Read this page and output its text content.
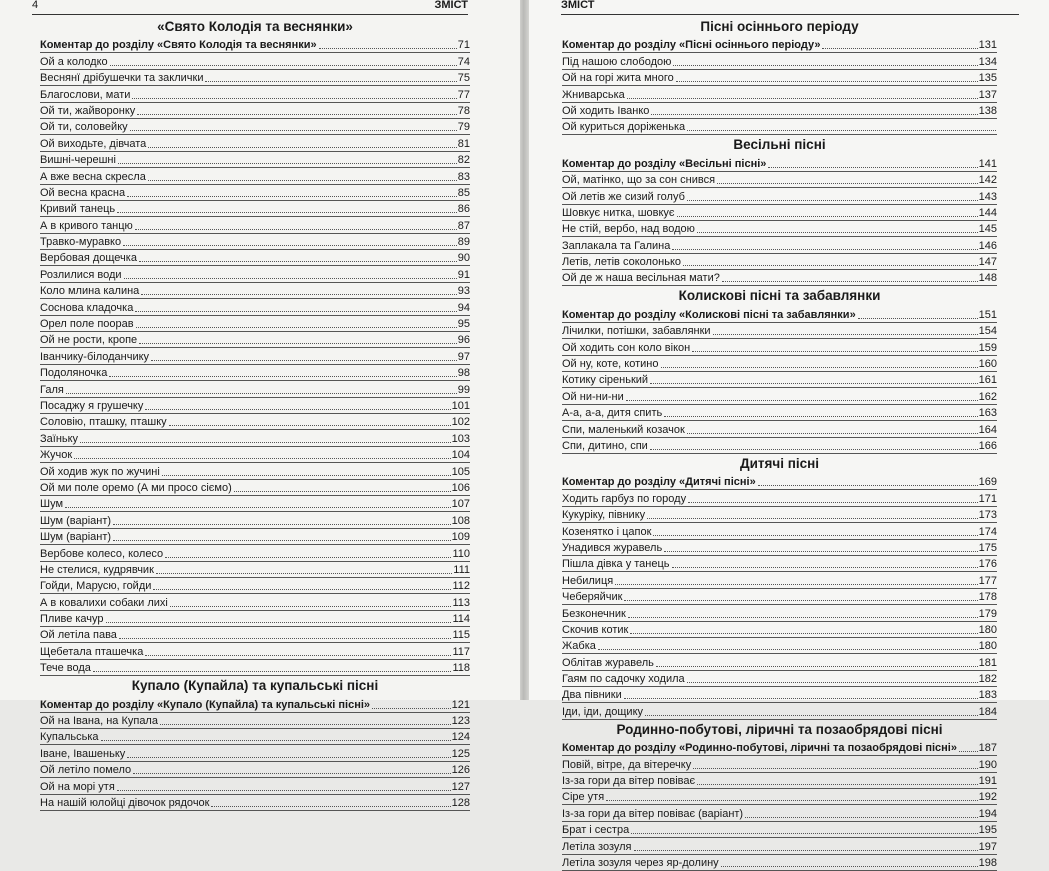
4	ЗМІСТ
«Свято Колодія та веснянки»
Коментар до розділу «Свято Колодія та веснянки»	71
Ой а колодко	74
Веснянї дрібушечки та заклички	75
Благослови, мати	77
Ой ти, жайворонку	78
Ой ти, соловейку	79
Ой виходьте, дівчата	81
Вишні-черешні	82
А вже весна скресла	83
Ой весна красна	85
Кривий танець	86
А в кривого танцю	87
Травко-муравко	89
Вербовая дощечка	90
Розлилися води	91
Коло млина калина	93
Соснова кладочка	94
Орел поле поорав	95
Ой не рости, кропе	96
Іванчику-білоданчику	97
Подоляночка	98
Галя	99
Посаджу я грушечку	101
Соловію, пташку, пташку	102
Заїньку	103
Жучок	104
Ой ходив жук по жучині	105
Ой ми поле оремо (А ми просо сіємо)	106
Шум	107
Шум (варіант)	108
Шум (варіант)	109
Вербове колесо, колесо	110
Не стелися, кудрявчик	111
Гойди, Марусю, гойди	112
А в ковалихи собаки лихі	113
Пливе качур	114
Ой летіла пава	115
Щебетала пташечка	117
Тече вода	118
Купало (Купайла) та купальські пісні
Коментар до розділу «Купало (Купайла) та купальські пісні»	121
Ой на Івана, на Купала	123
Купальська	124
Іване, Івашеньку	125
Ой летіло помело	126
Ой на морі утя	127
На нашій юлойці дівочок рядочок	128
ЗМІСТ
Пісні осіннього періоду
Коментар до розділу «Пісні осіннього періоду»	131
Під нашою слободою	134
Ой на горі жита много	135
Жниварська	137
Ой ходить Іванко	138
Ой куриться доріженька
Весільні пісні
Коментар до розділу «Весільні пісні»	141
Ой, матінко, що за сон снився	142
Ой летів же сизий голуб	143
Шовкує нитка, шовкує	144
Не стій, вербо, над водою	145
Заплакала та Галина	146
Летів, летів соколонько	147
Ой де ж наша весільная мати?	148
Колискові пісні та забавлянки
Коментар до розділу «Колискові пісні та забавлянки»	151
Лічилки, потішки, забавлянки	154
Ой ходить сон коло вікон	159
Ой ну, коте, котино	160
Котику сіренький	161
Ой ни-ни-ни	162
А-а, а-а, дитя спить	163
Спи, маленький козачок	164
Спи, дитино, спи	166
Дитячі пісні
Коментар до розділу «Дитячі пісні»	169
Ходить гарбуз по городу	171
Кукуріку, півнику	173
Козенятко і цапок	174
Унадився журавель	175
Пішла дівка у танець	176
Небилиця	177
Чеберяйчик	178
Безконечник	179
Скочив котик	180
Жабка	180
Облітав журавель	181
Гаям по садочку ходила	182
Два півники	183
Іди, іди, дощику	184
Родинно-побутові, ліричні та позаобрядові пісні
Коментар до розділу «Родинно-побутові, ліричні та позаобрядові пісні» 187
Повій, вітре, да вітеречку	190
Із-за гори да вітер повіває	191
Сіре утя	192
Із-за гори да вітер повіває (варіант)	194
Брат і сестра	195
Летіла зозуля	197
Летіла зозуля через яр-долину	198
